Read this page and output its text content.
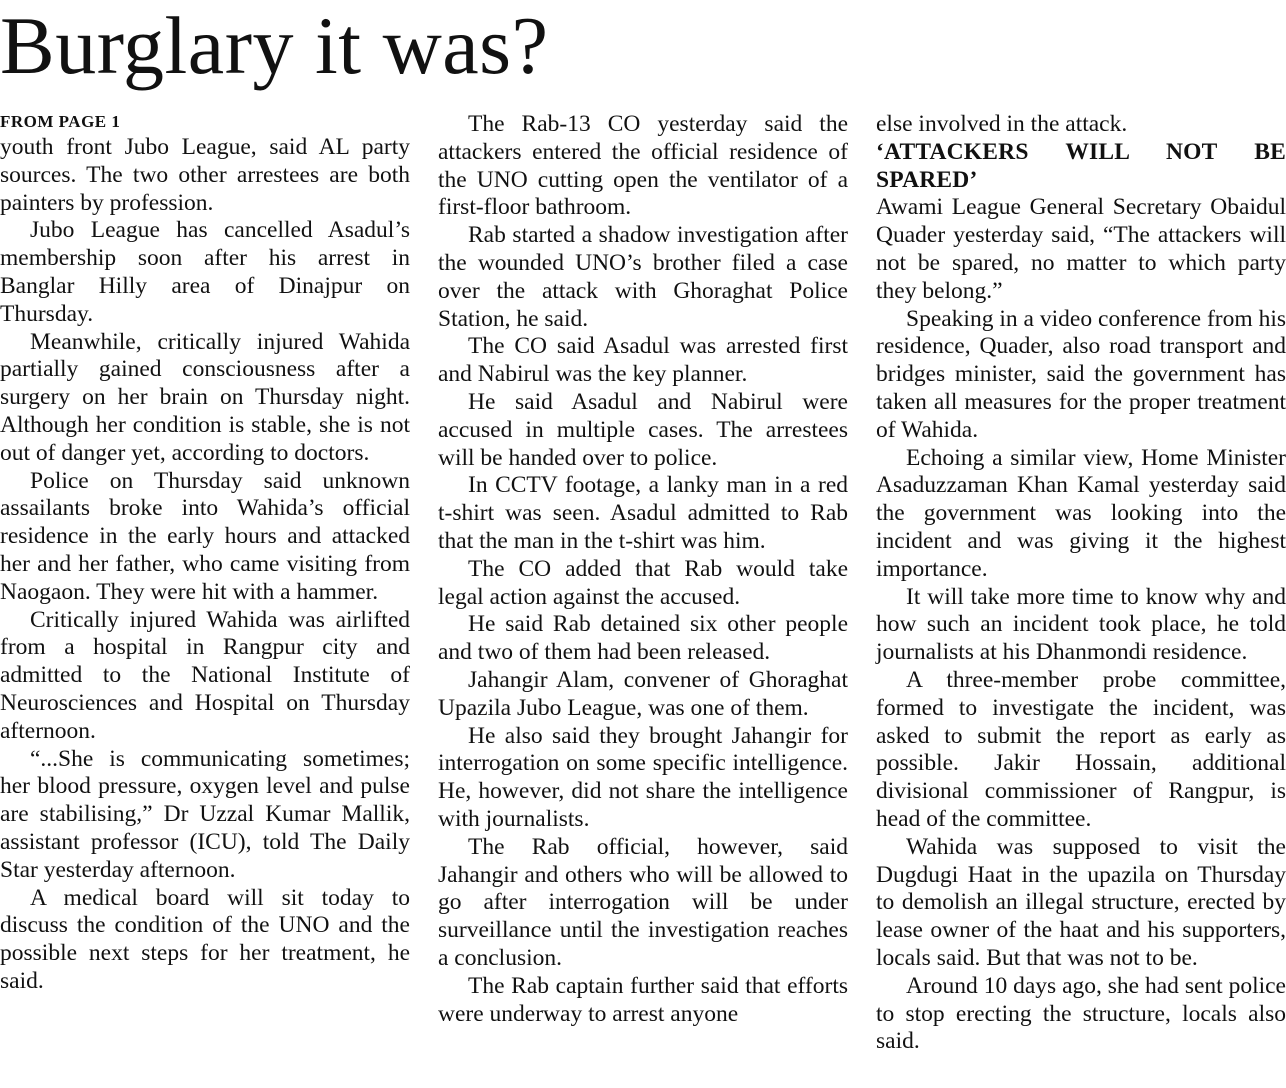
Burglary it was?
FROM PAGE 1

youth front Jubo League, said AL party sources. The two other arrestees are both painters by profession.

Jubo League has cancelled Asadul’s membership soon after his arrest in Banglar Hilly area of Dinajpur on Thursday.

Meanwhile, critically injured Wahida partially gained consciousness after a surgery on her brain on Thursday night. Although her condition is stable, she is not out of danger yet, according to doctors.

Police on Thursday said unknown assailants broke into Wahida’s official residence in the early hours and attacked her and her father, who came visiting from Naogaon. They were hit with a hammer.

Critically injured Wahida was airlifted from a hospital in Rangpur city and admitted to the National Institute of Neurosciences and Hospital on Thursday afternoon.

“...She is communicating sometimes; her blood pressure, oxygen level and pulse are stabilising,” Dr Uzzal Kumar Mallik, assistant professor (ICU), told The Daily Star yesterday afternoon.

A medical board will sit today to discuss the condition of the UNO and the possible next steps for her treatment, he said.

The Rab-13 CO yesterday said the attackers entered the official residence of the UNO cutting open the ventilator of a first-floor bathroom.

Rab started a shadow investigation after the wounded UNO’s brother filed a case over the attack with Ghoraghat Police Station, he said.

The CO said Asadul was arrested first and Nabirul was the key planner.

He said Asadul and Nabirul were accused in multiple cases. The arrestees will be handed over to police.

In CCTV footage, a lanky man in a red t-shirt was seen. Asadul admitted to Rab that the man in the t-shirt was him.

The CO added that Rab would take legal action against the accused.

He said Rab detained six other people and two of them had been released.

Jahangir Alam, convener of Ghoraghat Upazila Jubo League, was one of them.

He also said they brought Jahangir for interrogation on some specific intelligence. He, however, did not share the intelligence with journalists.

The Rab official, however, said Jahangir and others who will be allowed to go after interrogation will be under surveillance until the investigation reaches a conclusion.

The Rab captain further said that efforts were underway to arrest anyone

else involved in the attack.

‘ATTACKERS WILL NOT BE SPARED’

Awami League General Secretary Obaidul Quader yesterday said, “The attackers will not be spared, no matter to which party they belong.”

Speaking in a video conference from his residence, Quader, also road transport and bridges minister, said the government has taken all measures for the proper treatment of Wahida.

Echoing a similar view, Home Minister Asaduzzaman Khan Kamal yesterday said the government was looking into the incident and was giving it the highest importance.

It will take more time to know why and how such an incident took place, he told journalists at his Dhanmondi residence.

A three-member probe committee, formed to investigate the incident, was asked to submit the report as early as possible. Jakir Hossain, additional divisional commissioner of Rangpur, is head of the committee.

Wahida was supposed to visit the Dugdugi Haat in the upazila on Thursday to demolish an illegal structure, erected by lease owner of the haat and his supporters, locals said. But that was not to be.

Around 10 days ago, she had sent police to stop erecting the structure, locals also said.
